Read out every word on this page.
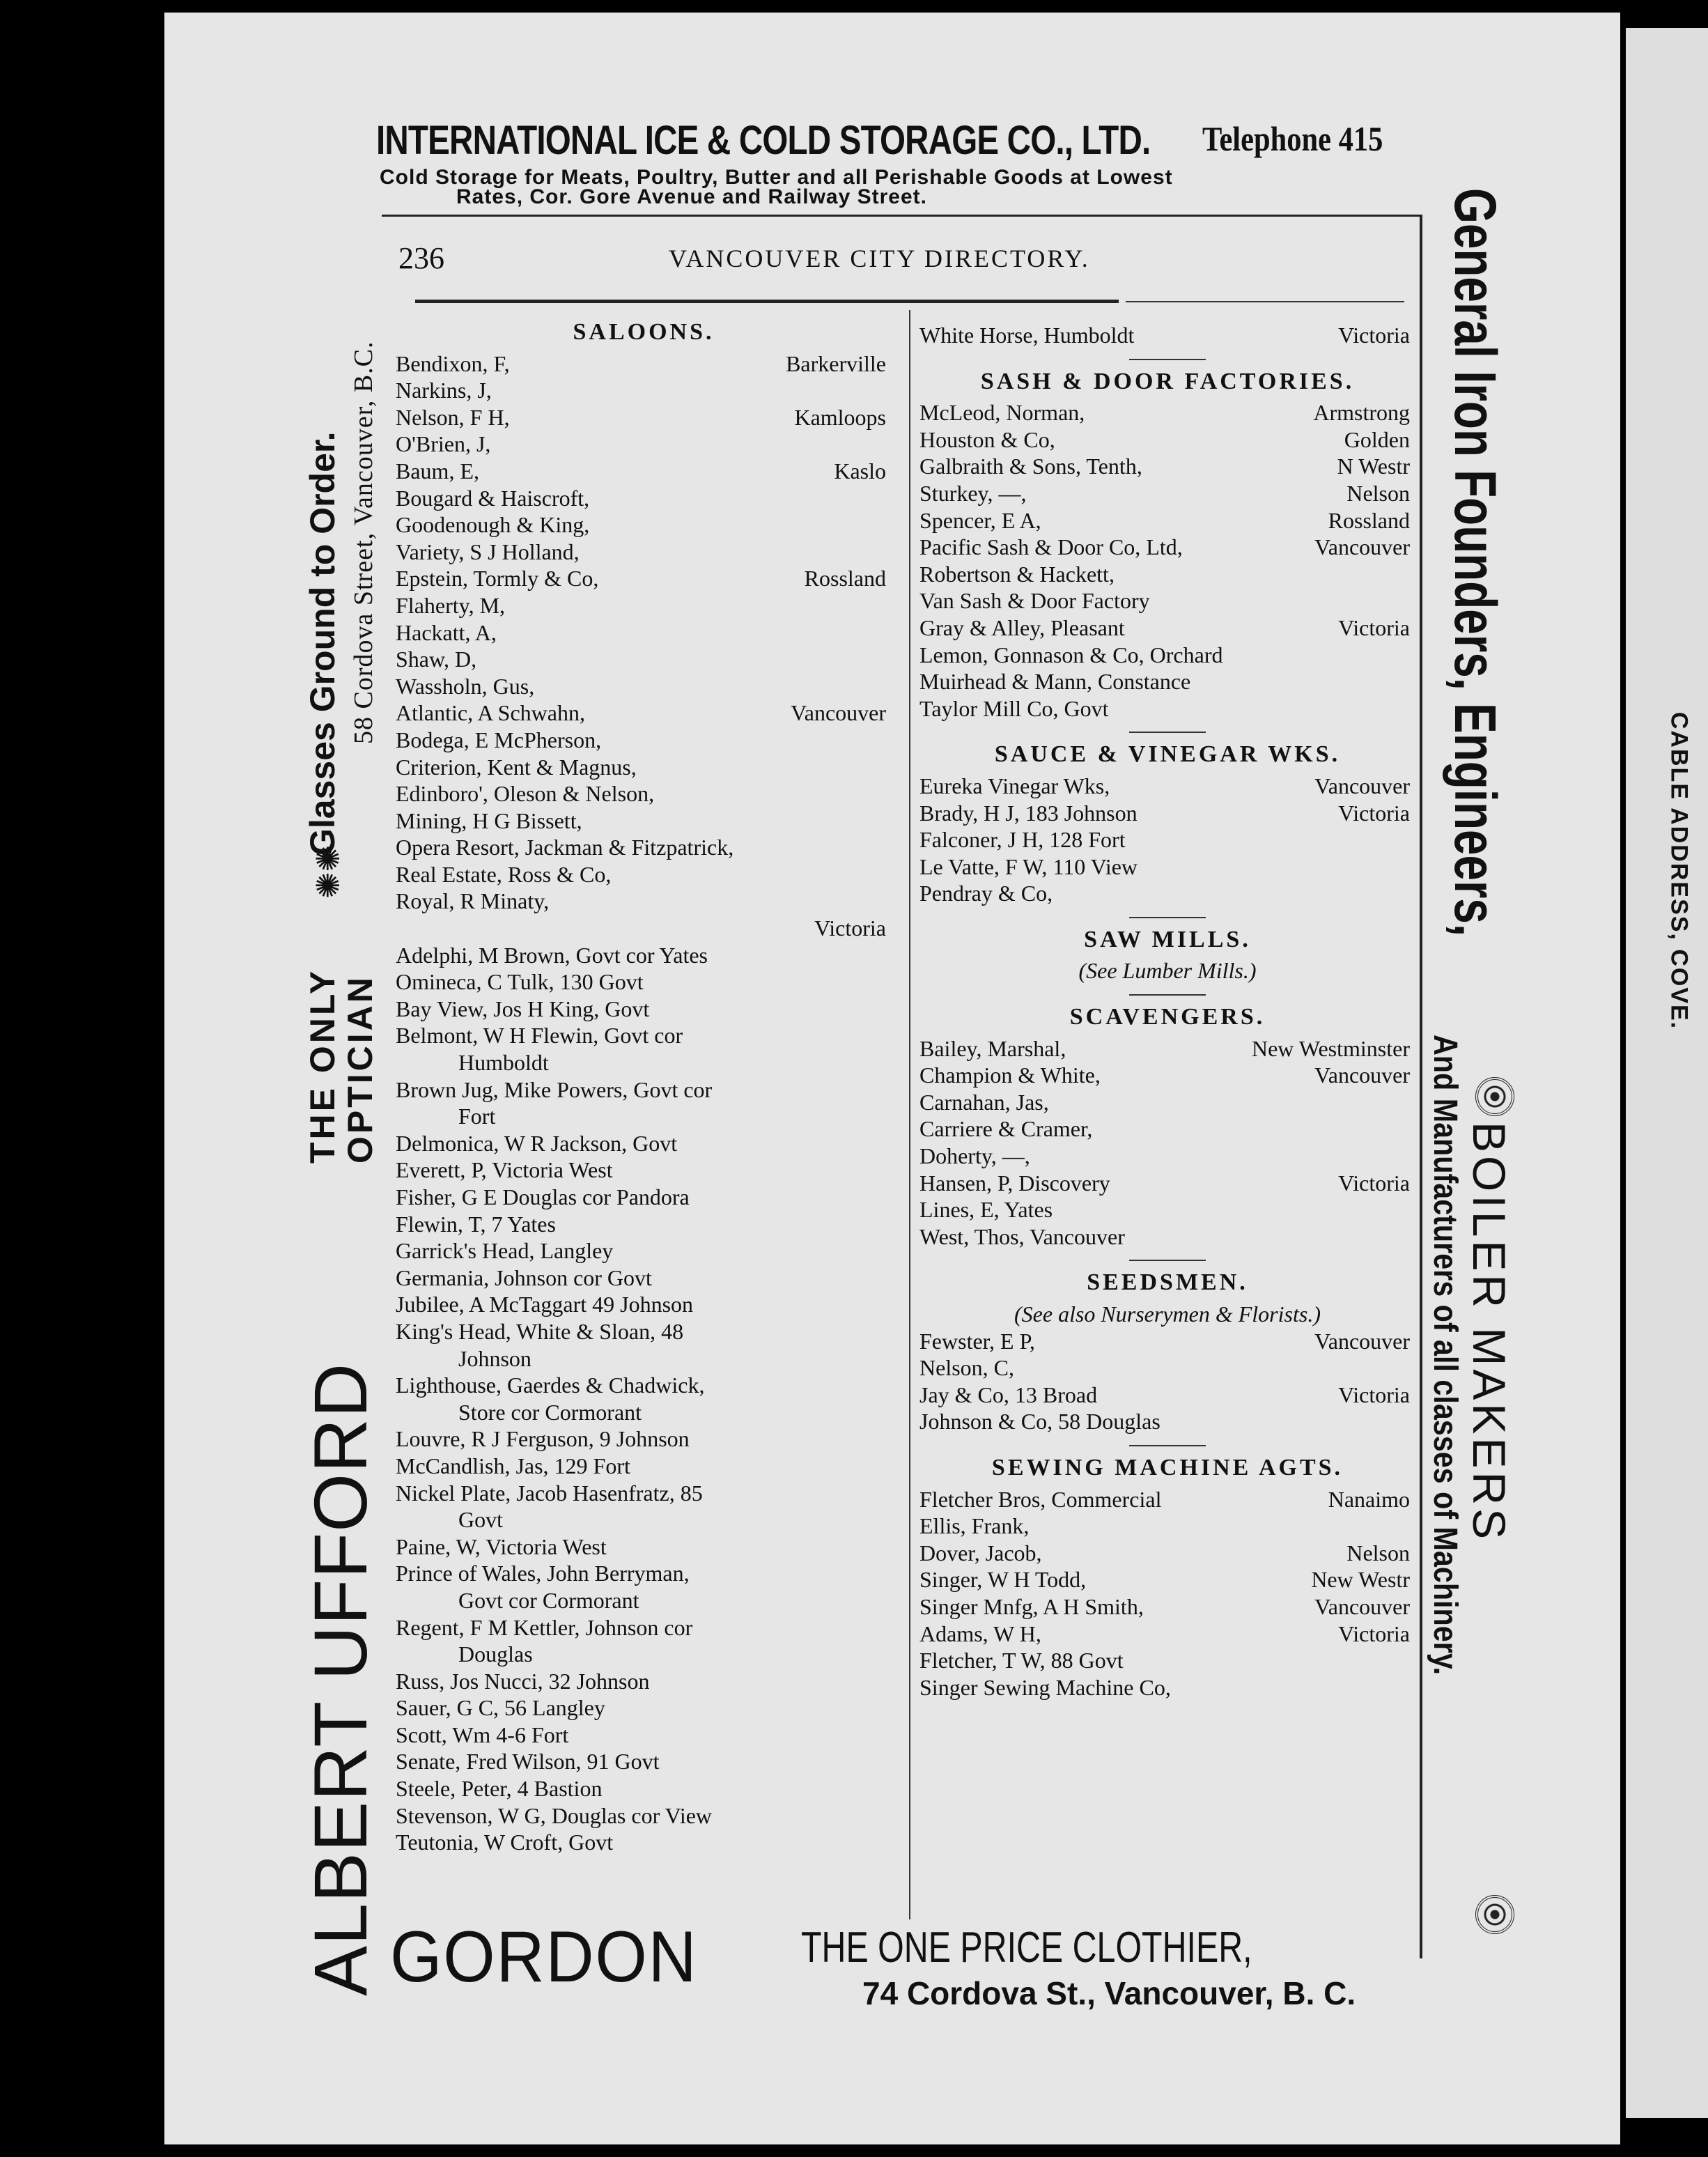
CABLE ADDRESS, COVE.
INTERNATIONAL ICE & COLD STORAGE CO., LTD. Telephone 415
Cold Storage for Meats, Poultry, Butter and all Perishable Goods at Lowest
Rates, Cor. Gore Avenue and Railway Street.
ALBERT UFFORD
THE ONLY
OPTICIAN
✺✺
Glasses Ground to Order. 58 Cordova Street, Vancouver, B.C.	General Iron Founders, Engineers,
BOILER MAKERS
And Manufacturers of all classes of Machinery.
236	VANCOUVER CITY DIRECTORY.
SALOONS.
Bendixon, F,	Barkerville
Narkins, J,
Nelson, F H,	Kamloops
O'Brien, J,
Baum, E,	Kaslo
Bougard & Haiscroft,
Goodenough & King,
Variety, S J Holland,
Epstein, Tormly & Co,	Rossland
Flaherty, M,
Hackatt, A,
Shaw, D,
Wassholn, Gus,
Atlantic, A Schwahn,	Vancouver
Bodega, E McPherson,
Criterion, Kent & Magnus,
Edinboro', Oleson & Nelson,
Mining, H G Bissett,
Opera Resort, Jackman & Fitzpatrick,
Real Estate, Ross & Co,
Royal, R Minaty,
Victoria

Adelphi, M Brown, Govt cor Yates
Omineca, C Tulk, 130 Govt
Bay View, Jos H King, Govt
Belmont, W H Flewin, Govt cor
Humboldt
Brown Jug, Mike Powers, Govt cor
Fort
Delmonica, W R Jackson, Govt
Everett, P, Victoria West
Fisher, G E Douglas cor Pandora
Flewin, T, 7 Yates
Garrick's Head, Langley
Germania, Johnson cor Govt
Jubilee, A McTaggart 49 Johnson
King's Head, White & Sloan, 48
Johnson
Lighthouse, Gaerdes & Chadwick,
Store cor Cormorant
Louvre, R J Ferguson, 9 Johnson
McCandlish, Jas, 129 Fort
Nickel Plate, Jacob Hasenfratz, 85
Govt
Paine, W, Victoria West
Prince of Wales, John Berryman,
Govt cor Cormorant
Regent, F M Kettler, Johnson cor
Douglas
Russ, Jos Nucci, 32 Johnson
Sauer, G C, 56 Langley
Scott, Wm 4-6 Fort
Senate, Fred Wilson, 91 Govt
Steele, Peter, 4 Bastion
Stevenson, W G, Douglas cor View
Teutonia, W Croft, Govt
White Horse, Humboldt	Victoria
SASH & DOOR FACTORIES.
McLeod, Norman,	Armstrong
Houston & Co,	Golden
Galbraith & Sons, Tenth,	N Westr
Sturkey, —,	Nelson
Spencer, E A,	Rossland
Pacific Sash & Door Co, Ltd,	Vancouver
Robertson & Hackett,
Van Sash & Door Factory
Gray & Alley, Pleasant	Victoria
Lemon, Gonnason & Co, Orchard
Muirhead & Mann, Constance
Taylor Mill Co, Govt
SAUCE & VINEGAR WKS.
Eureka Vinegar Wks,	Vancouver
Brady, H J, 183 Johnson	Victoria
Falconer, J H, 128 Fort
Le Vatte, F W, 110 View
Pendray & Co,
SAW MILLS.
(See Lumber Mills.)
SCAVENGERS.
Bailey, Marshal,	New Westminster
Champion & White,	Vancouver
Carnahan, Jas,
Carriere & Cramer,
Doherty, —,
Hansen, P, Discovery	Victoria
Lines, E, Yates
West, Thos, Vancouver
SEEDSMEN.
(See also Nurserymen & Florists.)
Fewster, E P,	Vancouver
Nelson, C,
Jay & Co, 13 Broad	Victoria
Johnson & Co, 58 Douglas
SEWING MACHINE AGTS.
Fletcher Bros, Commercial	Nanaimo
Ellis, Frank,
Dover, Jacob,	Nelson
Singer, W H Todd,	New Westr
Singer Mnfg, A H Smith,	Vancouver
Adams, W H,	Victoria
Fletcher, T W, 88 Govt
Singer Sewing Machine Co,
GORDON THE ONE PRICE CLOTHIER,
74 Cordova St., Vancouver, B. C.
